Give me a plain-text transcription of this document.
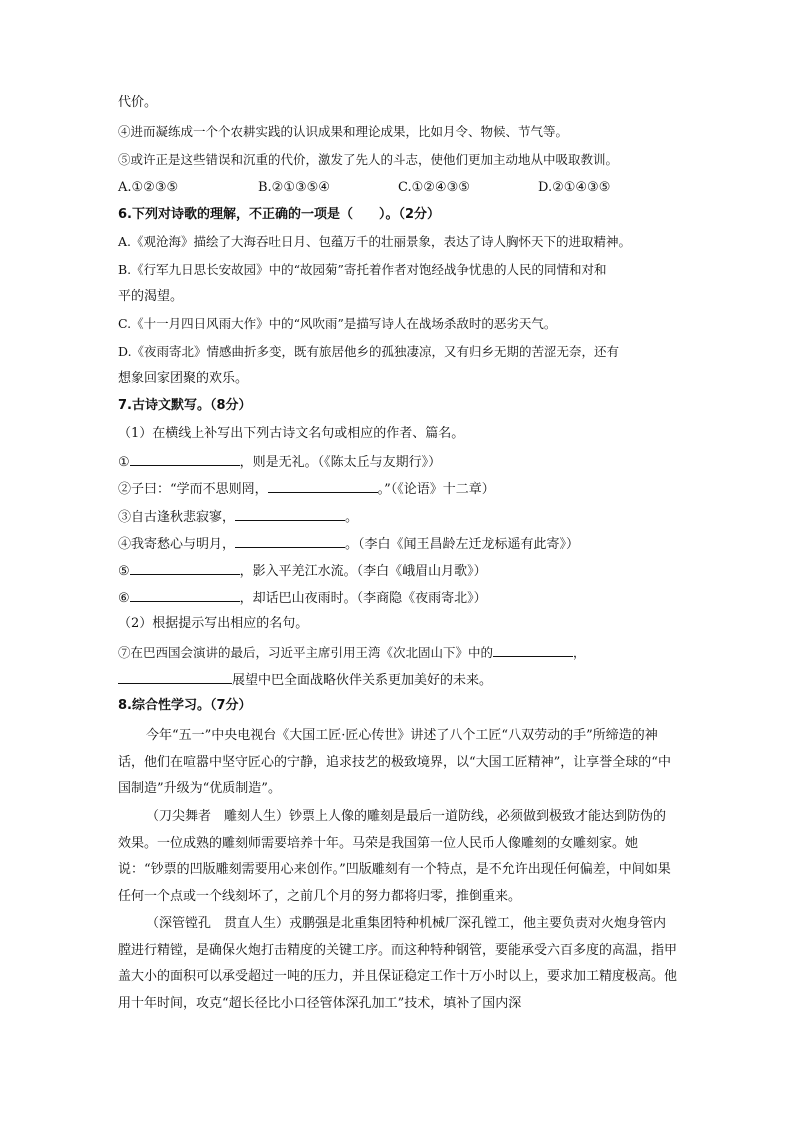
代价。
④进而凝练成一个个农耕实践的认识成果和理论成果，比如月令、物候、节气等。
⑤或许正是这些错误和沉重的代价，激发了先人的斗志，使他们更加主动地从中吸取教训。
A.①②③⑤	B.②①③⑤④	C.①②④③⑤	D.②①④③⑤
6.下列对诗歌的理解，不正确的一项是（　　）。（2分）
A.《观沧海》描绘了大海吞吐日月、包蕴万千的壮丽景象，表达了诗人胸怀天下的进取精神。
B.《行军九日思长安故园》中的“故园菊”寄托着作者对饱经战争忧患的人民的同情和对和
平的渴望。
C.《十一月四日风雨大作》中的“风吹雨”是描写诗人在战场杀敌时的恶劣天气。
D.《夜雨寄北》情感曲折多变，既有旅居他乡的孤独凄凉，又有归乡无期的苦涩无奈，还有
想象回家团聚的欢乐。
7.古诗文默写。（8分）
（1）在横线上补写出下列古诗文名句或相应的作者、篇名。
①	，则是无礼。（《陈太丘与友期行》）
②子曰：“学而不思则罔，	。”（《论语》十二章）
③自古逢秋悲寂寥，	。
④我寄愁心与明月，	。（李白《闻王昌龄左迁龙标遥有此寄》）
⑤	，影入平羌江水流。（李白《峨眉山月歌》）
⑥	，却话巴山夜雨时。（李商隐《夜雨寄北》）
（2）根据提示写出相应的名句。
⑦在巴西国会演讲的最后，习近平主席引用王湾《次北固山下》中的	，
展望中巴全面战略伙伴关系更加美好的未来。
8.综合性学习。（7分）
今年“五一”中央电视台《大国工匠·匠心传世》讲述了八个工匠“八双劳动的手”所缔造的神话，他们在喧嚣中坚守匠心的宁静，追求技艺的极致境界，以“大国工匠精神”，让享誉全球的“中国制造”升级为“优质制造”。
（刀尖舞者　雕刻人生）钞票上人像的雕刻是最后一道防线，必须做到极致才能达到防伪的效果。一位成熟的雕刻师需要培养十年。马荣是我国第一位人民币人像雕刻的女雕刻家。她说：“钞票的凹版雕刻需要用心来创作。”凹版雕刻有一个特点，是不允许出现任何偏差，中间如果任何一个点或一个线刻坏了，之前几个月的努力都将归零，推倒重来。
（深管镗孔　贯直人生）戎鹏强是北重集团特种机械厂深孔镗工，他主要负责对火炮身管内膛进行精镗，是确保火炮打击精度的关键工序。而这种特种钢管，要能承受六百多度的高温，指甲盖大小的面积可以承受超过一吨的压力，并且保证稳定工作十万小时以上，要求加工精度极高。他用十年时间，攻克“超长径比小口径管体深孔加工”技术，填补了国内深
